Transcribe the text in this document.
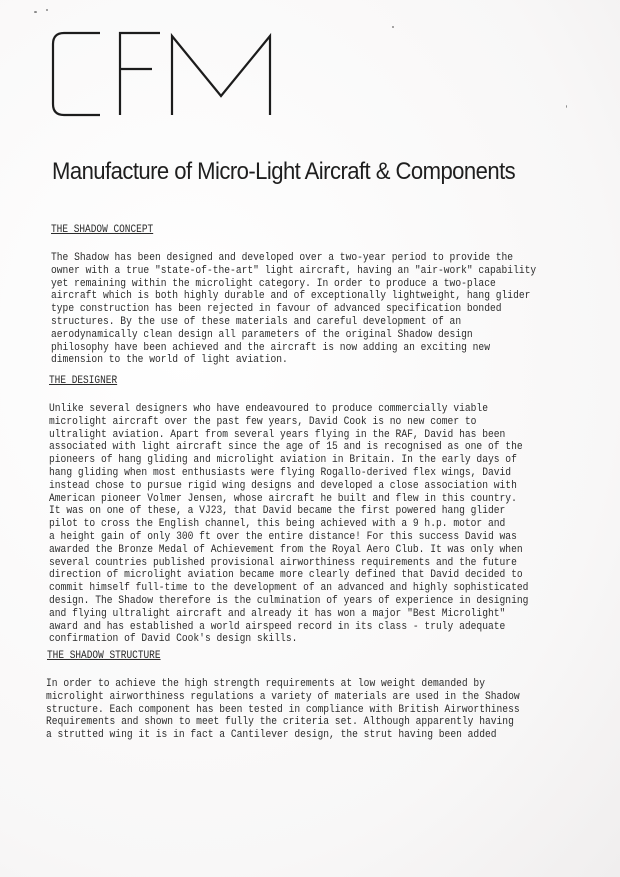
Manufacture of Micro-Light Aircraft & Components
THE SHADOW CONCEPT
The Shadow has been designed and developed over a two-year period to provide the
owner with a true "state-of-the-art" light aircraft, having an "air-work" capability
yet remaining within the microlight category. In order to produce a two-place
aircraft which is both highly durable and of exceptionally lightweight, hang glider
type construction has been rejected in favour of advanced specification bonded
structures. By the use of these materials and careful development of an
aerodynamically clean design all parameters of the original Shadow design
philosophy have been achieved and the aircraft is now adding an exciting new
dimension to the world of light aviation.
THE DESIGNER
Unlike several designers who have endeavoured to produce commercially viable
microlight aircraft over the past few years, David Cook is no new comer to
ultralight aviation. Apart from several years flying in the RAF, David has been
associated with light aircraft since the age of 15 and is recognised as one of the
pioneers of hang gliding and microlight aviation in Britain. In the early days of
hang gliding when most enthusiasts were flying Rogallo-derived flex wings, David
instead chose to pursue rigid wing designs and developed a close association with
American pioneer Volmer Jensen, whose aircraft he built and flew in this country.
It was on one of these, a VJ23, that David became the first powered hang glider
pilot to cross the English channel, this being achieved with a 9 h.p. motor and
a height gain of only 300 ft over the entire distance! For this success David was
awarded the Bronze Medal of Achievement from the Royal Aero Club. It was only when
several countries published provisional airworthiness requirements and the future
direction of microlight aviation became more clearly defined that David decided to
commit himself full-time to the development of an advanced and highly sophisticated
design. The Shadow therefore is the culmination of years of experience in designing
and flying ultralight aircraft and already it has won a major "Best Microlight"
award and has established a world airspeed record in its class - truly adequate
confirmation of David Cook's design skills.
THE SHADOW STRUCTURE
In order to achieve the high strength requirements at low weight demanded by
microlight airworthiness regulations a variety of materials are used in the Shadow
structure. Each component has been tested in compliance with British Airworthiness
Requirements and shown to meet fully the criteria set. Although apparently having
a strutted wing it is in fact a Cantilever design, the strut having been added
